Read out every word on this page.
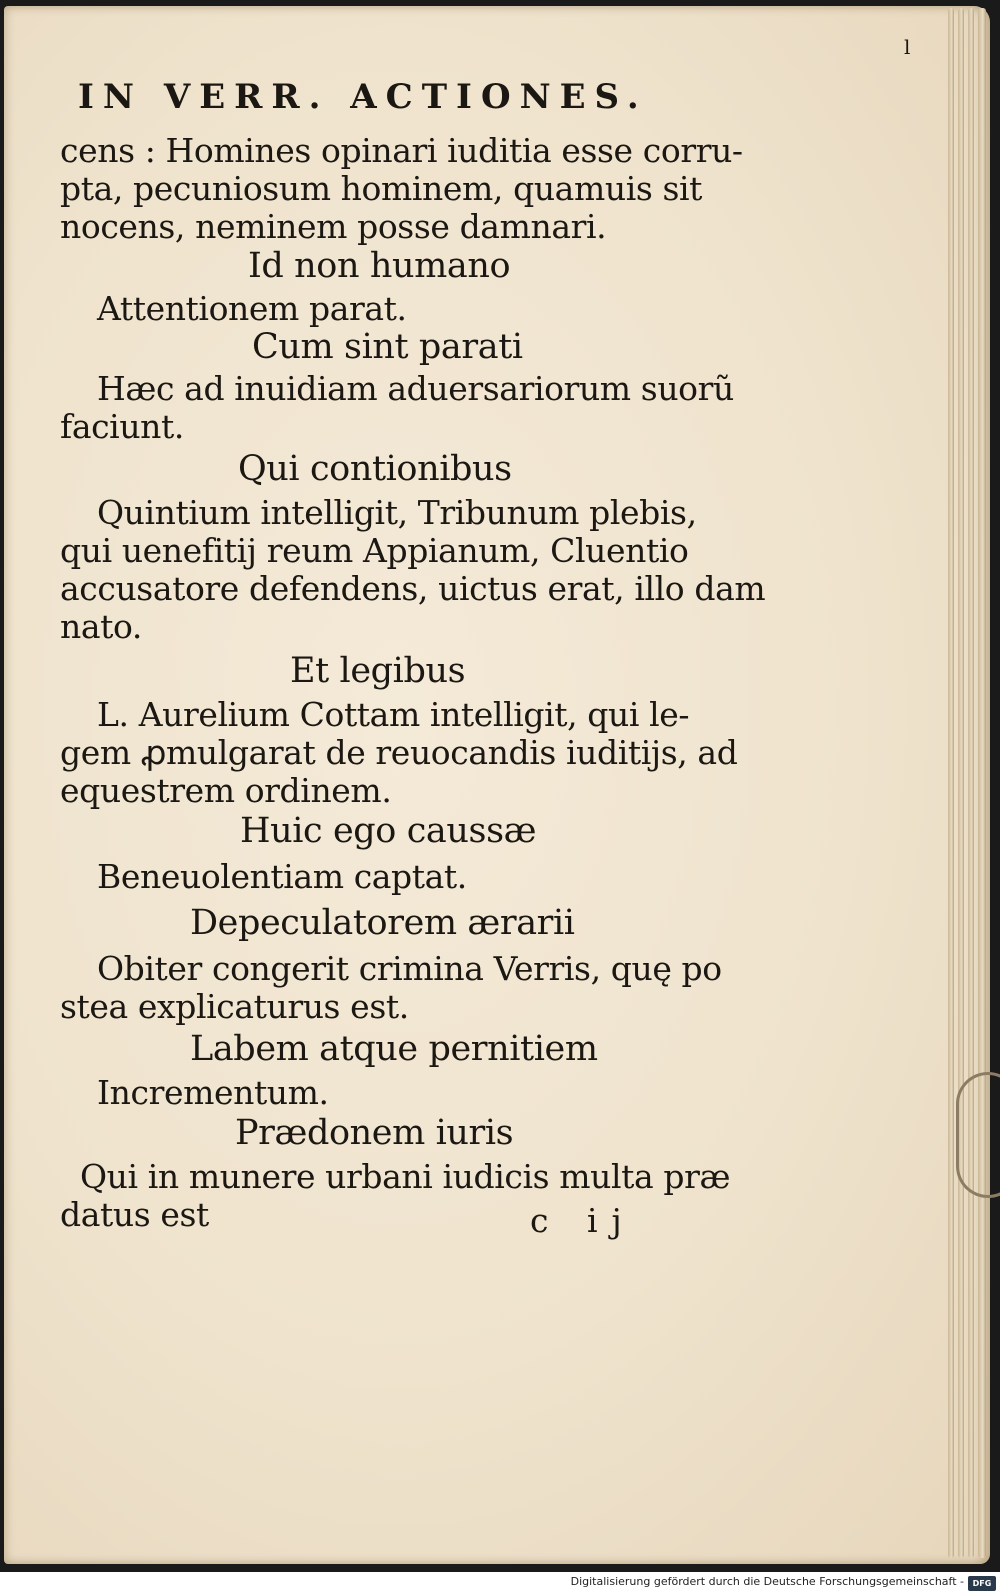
l
IN VERR. ACTIONES.
cens : Homines opinari iuditia esse corru-
pta, pecuniosum hominem, quamuis sit
nocens, neminem posse damnari.
Id non humano
Attentionem parat.
Cum sint parati
Hæc ad inuidiam aduersariorum suorũ
faciunt.
Qui contionibus
Quintium intelligit, Tribunum plebis,
qui uenefitij reum Appianum, Cluentio
accusatore defendens, uictus erat, illo dam
nato.
Et legibus
L. Aurelium Cottam intelligit, qui le-
gem ꝓmulgarat de reuocandis iuditijs, ad
equestrem ordinem.
Huic ego caussæ
Beneuolentiam captat.
Depeculatorem ærarii
Obiter congerit crimina Verris, quę po
stea explicaturus est.
Labem atque pernitiem
Incrementum.
Prædonem iuris
Qui in munere urbani iudicis multa præ
datus est	c ij
Digitalisierung gefördert durch die Deutsche Forschungsgemeinschaft -	DFG
